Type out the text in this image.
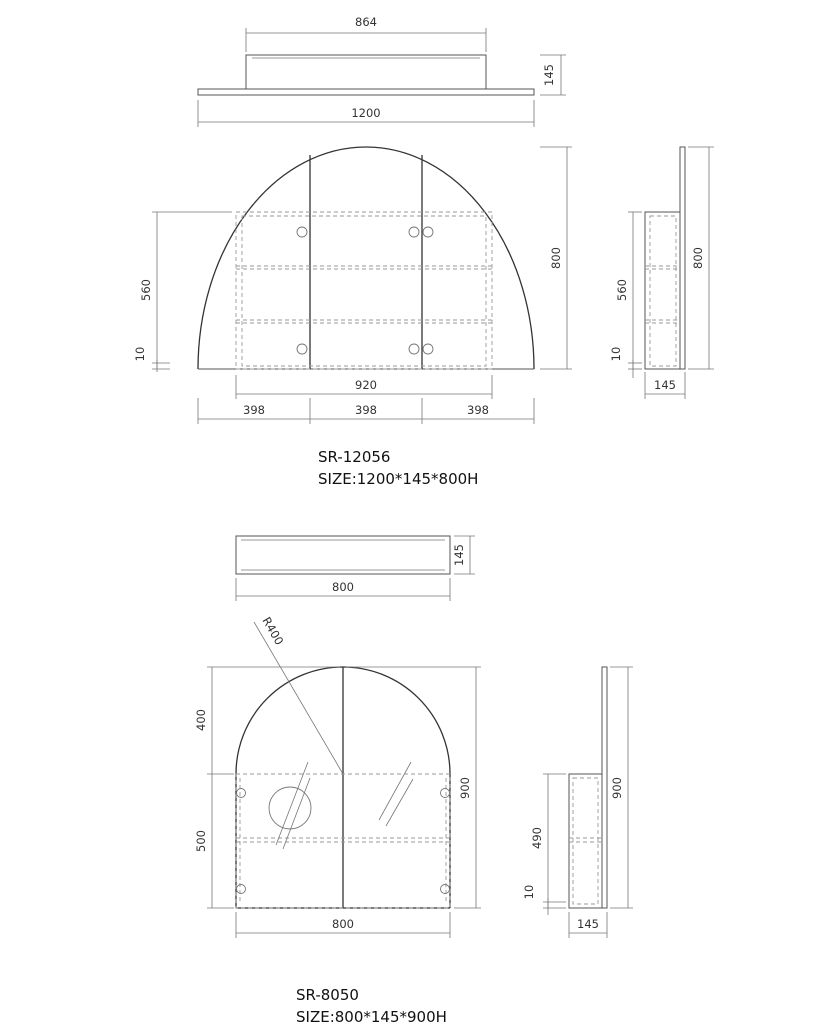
864
145
1200
560
10
800
920
398	398	398
800
560
10
145
145
800
R400
400
500
900
800
490
10
900
145
SR-12056
SIZE:1200*145*800H
SR-8050
SIZE:800*145*900H
